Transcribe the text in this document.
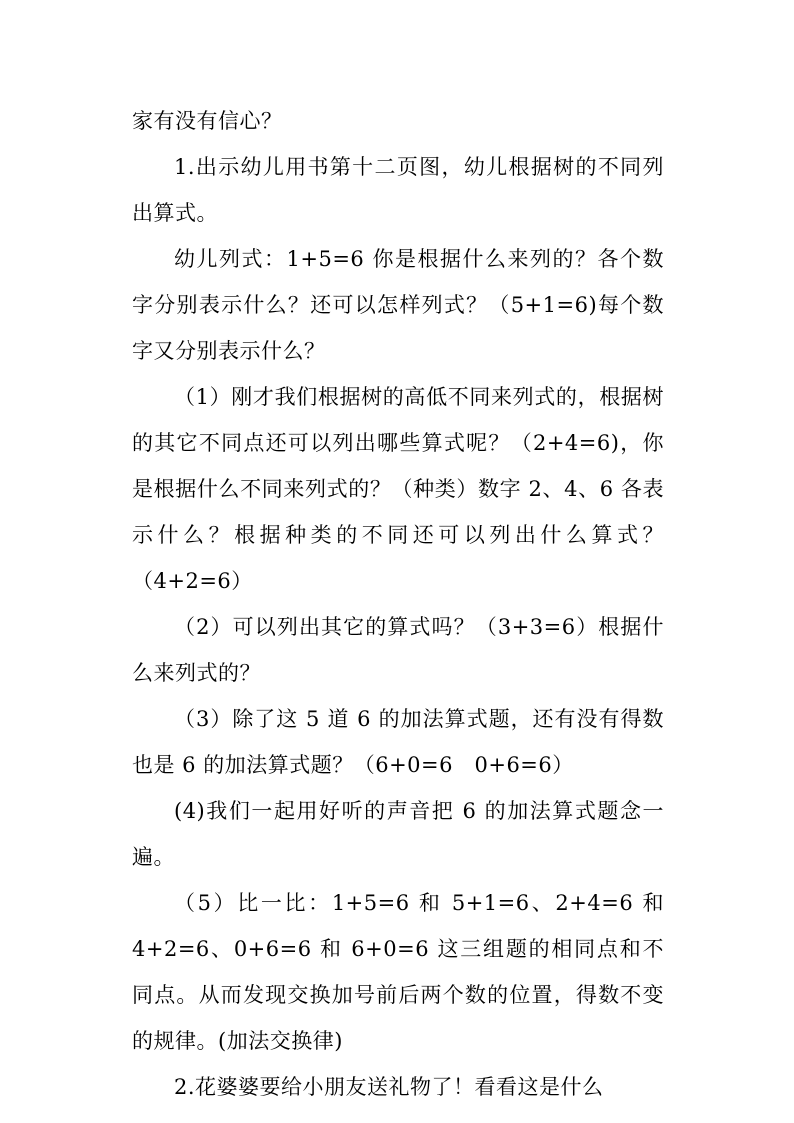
家有没有信心？

1.出示幼儿用书第十二页图，幼儿根据树的不同列出算式。

幼儿列式：1+5=6 你是根据什么来列的？各个数字分别表示什么？还可以怎样列式？（5+1=6)每个数字又分别表示什么？

（1）刚才我们根据树的高低不同来列式的，根据树的其它不同点还可以列出哪些算式呢？（2+4=6)，你是根据什么不同来列式的？（种类）数字 2、4、6 各表示什么？根据种类的不同还可以列出什么算式？（4+2=6）

（2）可以列出其它的算式吗？（3+3=6）根据什么来列式的？

（3）除了这 5 道 6 的加法算式题，还有没有得数也是 6 的加法算式题？（6+0=6　0+6=6）

(4)我们一起用好听的声音把 6 的加法算式题念一遍。

（5）比一比：1+5=6 和 5+1=6、2+4=6 和 4+2=6、0+6=6 和 6+0=6 这三组题的相同点和不同点。从而发现交换加号前后两个数的位置，得数不变的规律。(加法交换律)

2.花婆婆要给小朋友送礼物了！看看这是什么
